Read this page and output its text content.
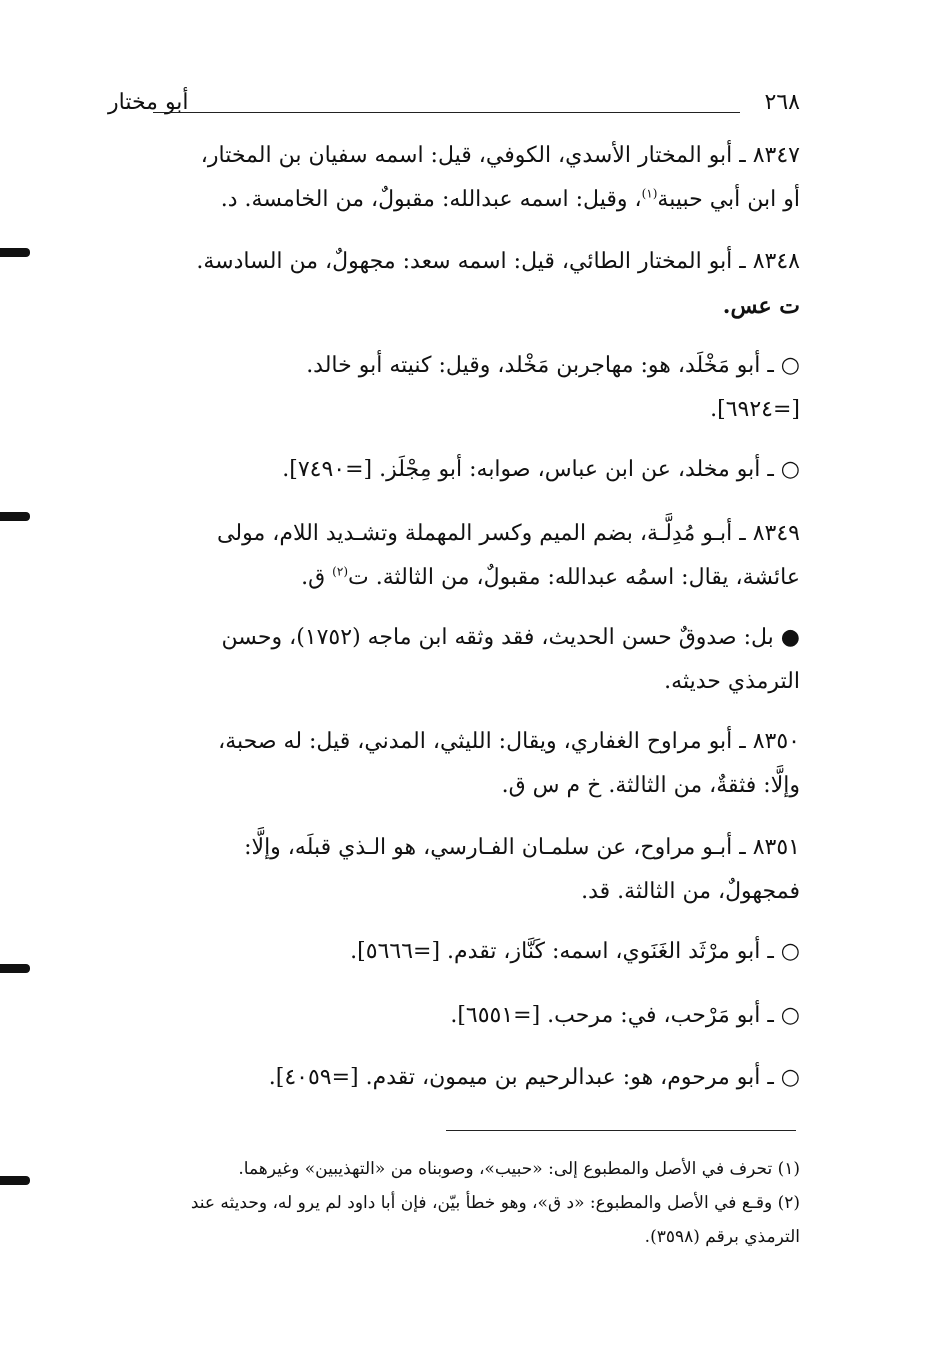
أبو مختار	٢٦٨

٨٣٤٧ ـ أبو المختار الأسدي، الكوفي، قيل: اسمه سفيان بن المختار،

أو ابن أبي حبيبة$^{(١)}$، وقيل: اسمه عبدالله: مقبولٌ، من الخامسة. د.

٨٣٤٨ ـ أبو المختار الطائي، قيل: اسمه سعد: مجهولٌ، من السادسة.

ت عس.

○ ـ أبو مَخْلَد، هو: مهاجربن مَخْلد، وقيل: كنيته أبو خالد.

[=٦٩٢٤].

○ ـ أبو مخلد، عن ابن عباس، صوابه: أبو مِجْلَز. [=٧٤٩٠].

٨٣٤٩ ـ أبـو مُدِلَّـة، بضم الميم وكسر المهملة وتشـديد اللام، مولى

عائشة، يقال: اسمُه عبدالله: مقبولٌ، من الثالثة. ت$^{(٢)}$ ق.

● بل: صدوقٌ حسن الحديث، فقد وثقه ابن ماجه (١٧٥٢)، وحسن

الترمذي حديثه.

٨٣٥٠ ـ أبو مراوح الغفاري، ويقال: الليثي، المدني، قيل: له صحبة،

وإلَّا: فثقةٌ، من الثالثة. خ م س ق.

٨٣٥١ ـ أبـو مراوح، عن سلمـان الفـارسي، هو الـذي قبلَه، وإلَّا:

فمجهولٌ، من الثالثة. قد.

○ ـ أبو مرْثَد الغَنَوي، اسمه: كَنَّاز، تقدم. [=٥٦٦٦].

○ ـ أبو مَرْحب، في: مرحب. [=٦٥٥١].

○ ـ أبو مرحوم، هو: عبدالرحيم بن ميمون، تقدم. [=٤٠٥٩].

(١) تحرف في الأصل والمطبوع إلى: «حبيب»، وصوبناه من «التهذيبين» وغيرهما.

(٢) وقـع في الأصل والمطبوع: «د ق»، وهو خطأ بيّن، فإن أبا داود لم يرو له، وحديثه عند

الترمذي برقم (٣٥٩٨).
